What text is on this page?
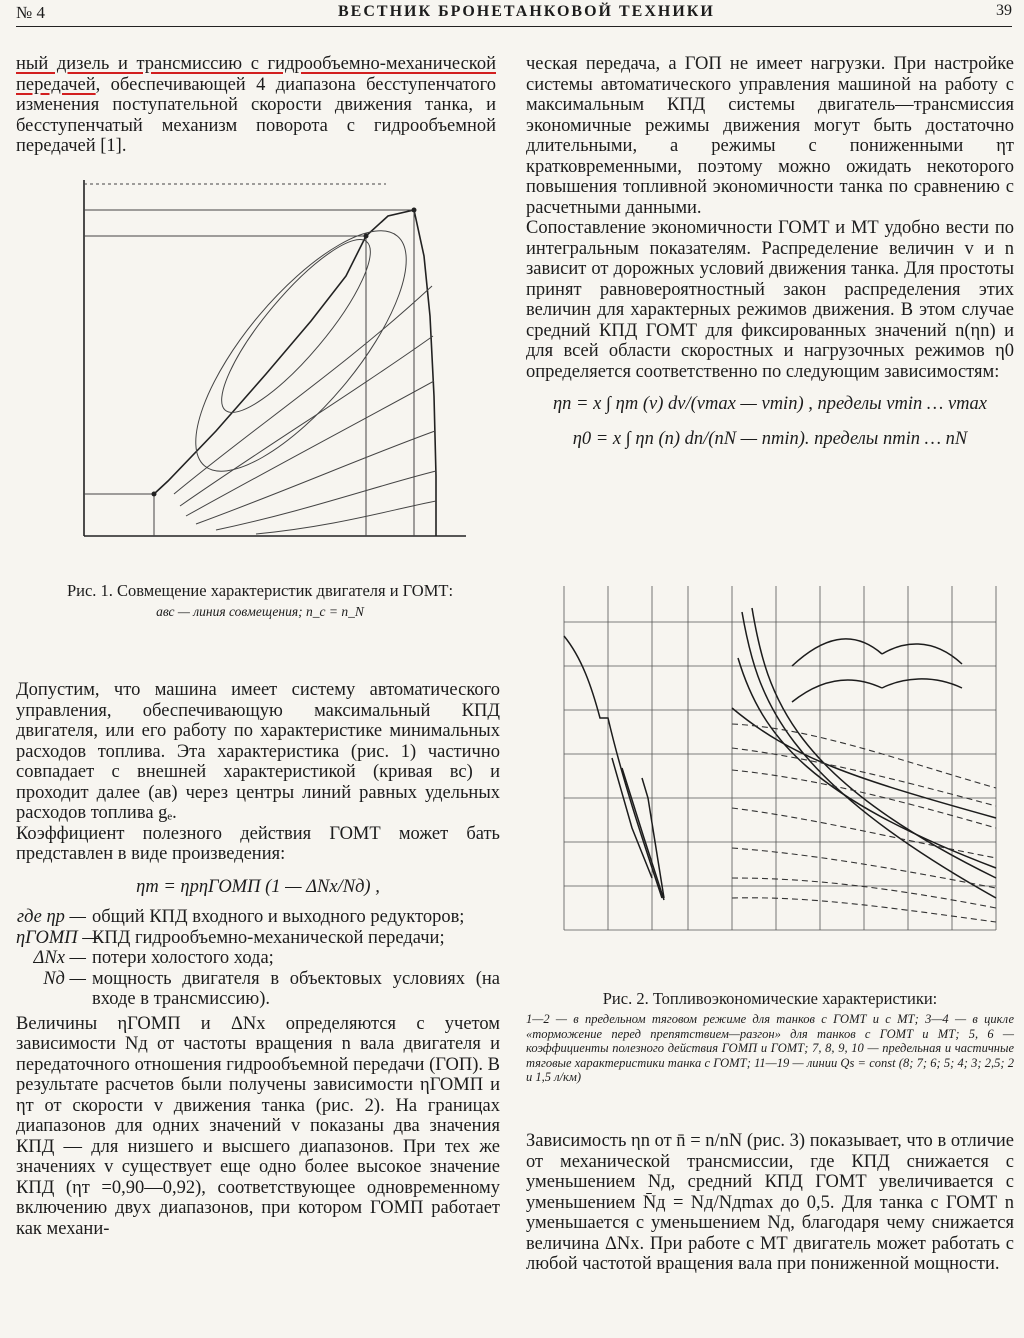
№ 4	ВЕСТНИК БРОНЕТАНКОВОЙ ТЕХНИКИ	39

ный дизель и трансмиссию с гидрообъемно-механической передачей, обеспечивающей 4 диапазона бесступенчатого изменения поступательной скорости движения танка, и бесступенчатый механизм поворота с гидрообъемной передачей [1].

Рис. 1. Совмещение характеристик двигателя и ГОМТ:
авс — линия совмещения; n_c = n_N

Допустим, что машина имеет систему автоматического управления, обеспечивающую максимальный КПД двигателя, или его работу по характеристике минимальных расходов топлива. Эта характеристика (рис. 1) частично совпадает с внешней характеристикой (кривая вс) и проходит далее (ав) через центры линий равных удельных расходов топлива gₑ.

Коэффициент полезного действия ГОМТ может бать представлен в виде произведения:

ηт = ηрηГОМП (1 — ΔNx/Nд) ,
где ηр — общий КПД входного и выходного редукторов;
ηГОМП —
КПД гидрообъемно-механической передачи;
ΔNx — потери холостого хода;
Nд — мощность двигателя в объектовых условиях (на входе в трансмиссию).

Величины ηГОМП и ΔNx определяются с учетом зависимости Nд от частоты вращения n вала двигателя и передаточного отношения гидрообъемной передачи (ГОП). В результате расчетов были получены зависимости ηГОМП и ηт от скорости v движения танка (рис. 2). На границах диапазонов для одних значений v показаны два значения КПД — для низшего и высшего диапазонов. При тех же значениях v существует еще одно более высокое значение КПД (ηт =0,90—0,92), соответствующее одновременному включению двух диапазонов, при котором ГОМП работает как механи-

ческая передача, а ГОП не имеет нагрузки. При настройке системы автоматического управления машиной на работу с максимальным КПД системы двигатель—трансмиссия экономичные режимы движения могут быть достаточно длительными, а режимы с пониженными ηт кратковременными, поэтому можно ожидать некоторого повышения топливной экономичности танка по сравнению с расчетными данными.

Сопоставление экономичности ГОМТ и МТ удобно вести по интегральным показателям. Распределение величин v и n зависит от дорожных условий движения танка. Для простоты принят равновероятностный закон распределения этих величин для характерных режимов движения. В этом случае средний КПД ГОМТ для фиксированных значений n(ηn) и для всей области скоростных и нагрузочных режимов η0 определяется соответственно по следующим зависимостям:

ηn = x ∫ ηт (v) dv/(vmax — vmin) , пределы vmin … vmax
η0 = x ∫ ηn (n) dn/(nN — nmin). пределы nmin … nN
Рис. 2. Топливоэкономические характеристики:
1—2 — в предельном тяговом режиме для танков с ГОМТ и с МТ; 3—4 — в цикле «торможение перед препятствием—разгон» для танков с ГОМТ и МТ; 5, 6 — коэффициенты полезного действия ГОМП и ГОМТ; 7, 8, 9, 10 — предельная и частичные тяговые характеристики танка с ГОМТ; 11—19 — линии Qs = const (8; 7; 6; 5; 4; 3; 2,5; 2 и 1,5 л/км)

Зависимость ηn от n̄ = n/nN (рис. 3) показывает, что в отличие от механической трансмиссии, где КПД снижается с уменьшением Nд, средний КПД ГОМТ увеличивается с уменьшением N̄д = Nд/Nдmax до 0,5. Для танка с ГОМТ n уменьшается с уменьшением Nд, благодаря чему снижается величина ΔNx. При работе с МТ двигатель может работать с любой частотой вращения вала при пониженной мощности.
